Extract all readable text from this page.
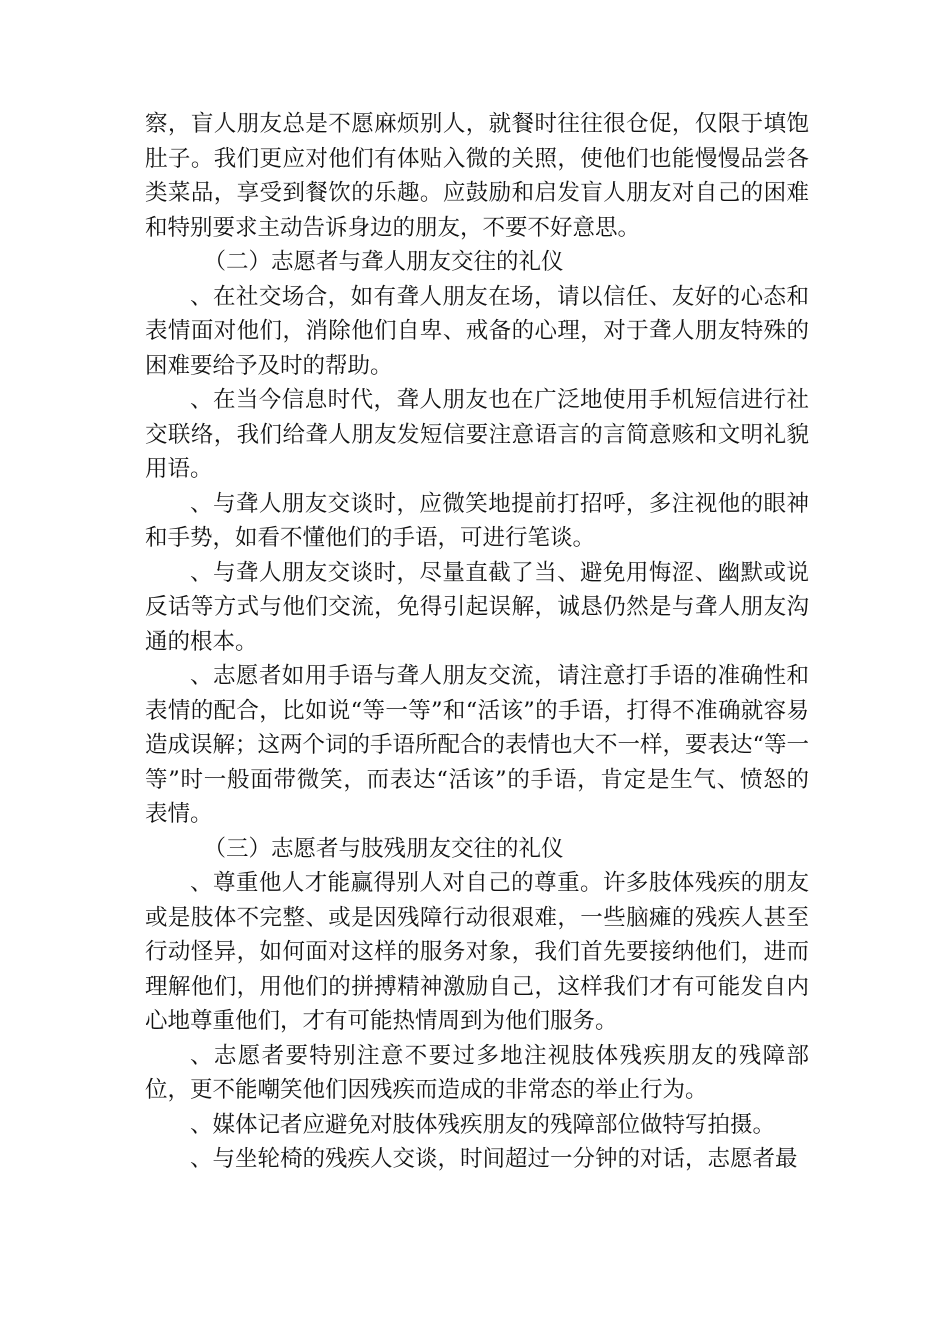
察，盲人朋友总是不愿麻烦别人，就餐时往往很仓促，仅限于填饱肚子。我们更应对他们有体贴入微的关照，使他们也能慢慢品尝各类菜品，享受到餐饮的乐趣。应鼓励和启发盲人朋友对自己的困难和特别要求主动告诉身边的朋友，不要不好意思。

（二）志愿者与聋人朋友交往的礼仪

、在社交场合，如有聋人朋友在场，请以信任、友好的心态和表情面对他们，消除他们自卑、戒备的心理，对于聋人朋友特殊的困难要给予及时的帮助。

、在当今信息时代，聋人朋友也在广泛地使用手机短信进行社交联络，我们给聋人朋友发短信要注意语言的言简意赅和文明礼貌用语。

、与聋人朋友交谈时，应微笑地提前打招呼，多注视他的眼神和手势，如看不懂他们的手语，可进行笔谈。

、与聋人朋友交谈时，尽量直截了当、避免用悔涩、幽默或说反话等方式与他们交流，免得引起误解，诚恳仍然是与聋人朋友沟通的根本。

、志愿者如用手语与聋人朋友交流，请注意打手语的准确性和表情的配合，比如说“等一等”和“活该”的手语，打得不准确就容易造成误解；这两个词的手语所配合的表情也大不一样，要表达“等一等”时一般面带微笑，而表达“活该”的手语，肯定是生气、愤怒的表情。

（三）志愿者与肢残朋友交往的礼仪

、尊重他人才能赢得别人对自己的尊重。许多肢体残疾的朋友或是肢体不完整、或是因残障行动很艰难，一些脑瘫的残疾人甚至行动怪异，如何面对这样的服务对象，我们首先要接纳他们，进而理解他们，用他们的拼搏精神激励自己，这样我们才有可能发自内心地尊重他们，才有可能热情周到为他们服务。

、志愿者要特别注意不要过多地注视肢体残疾朋友的残障部位，更不能嘲笑他们因残疾而造成的非常态的举止行为。

、媒体记者应避免对肢体残疾朋友的残障部位做特写拍摄。

、与坐轮椅的残疾人交谈，时间超过一分钟的对话，志愿者最
